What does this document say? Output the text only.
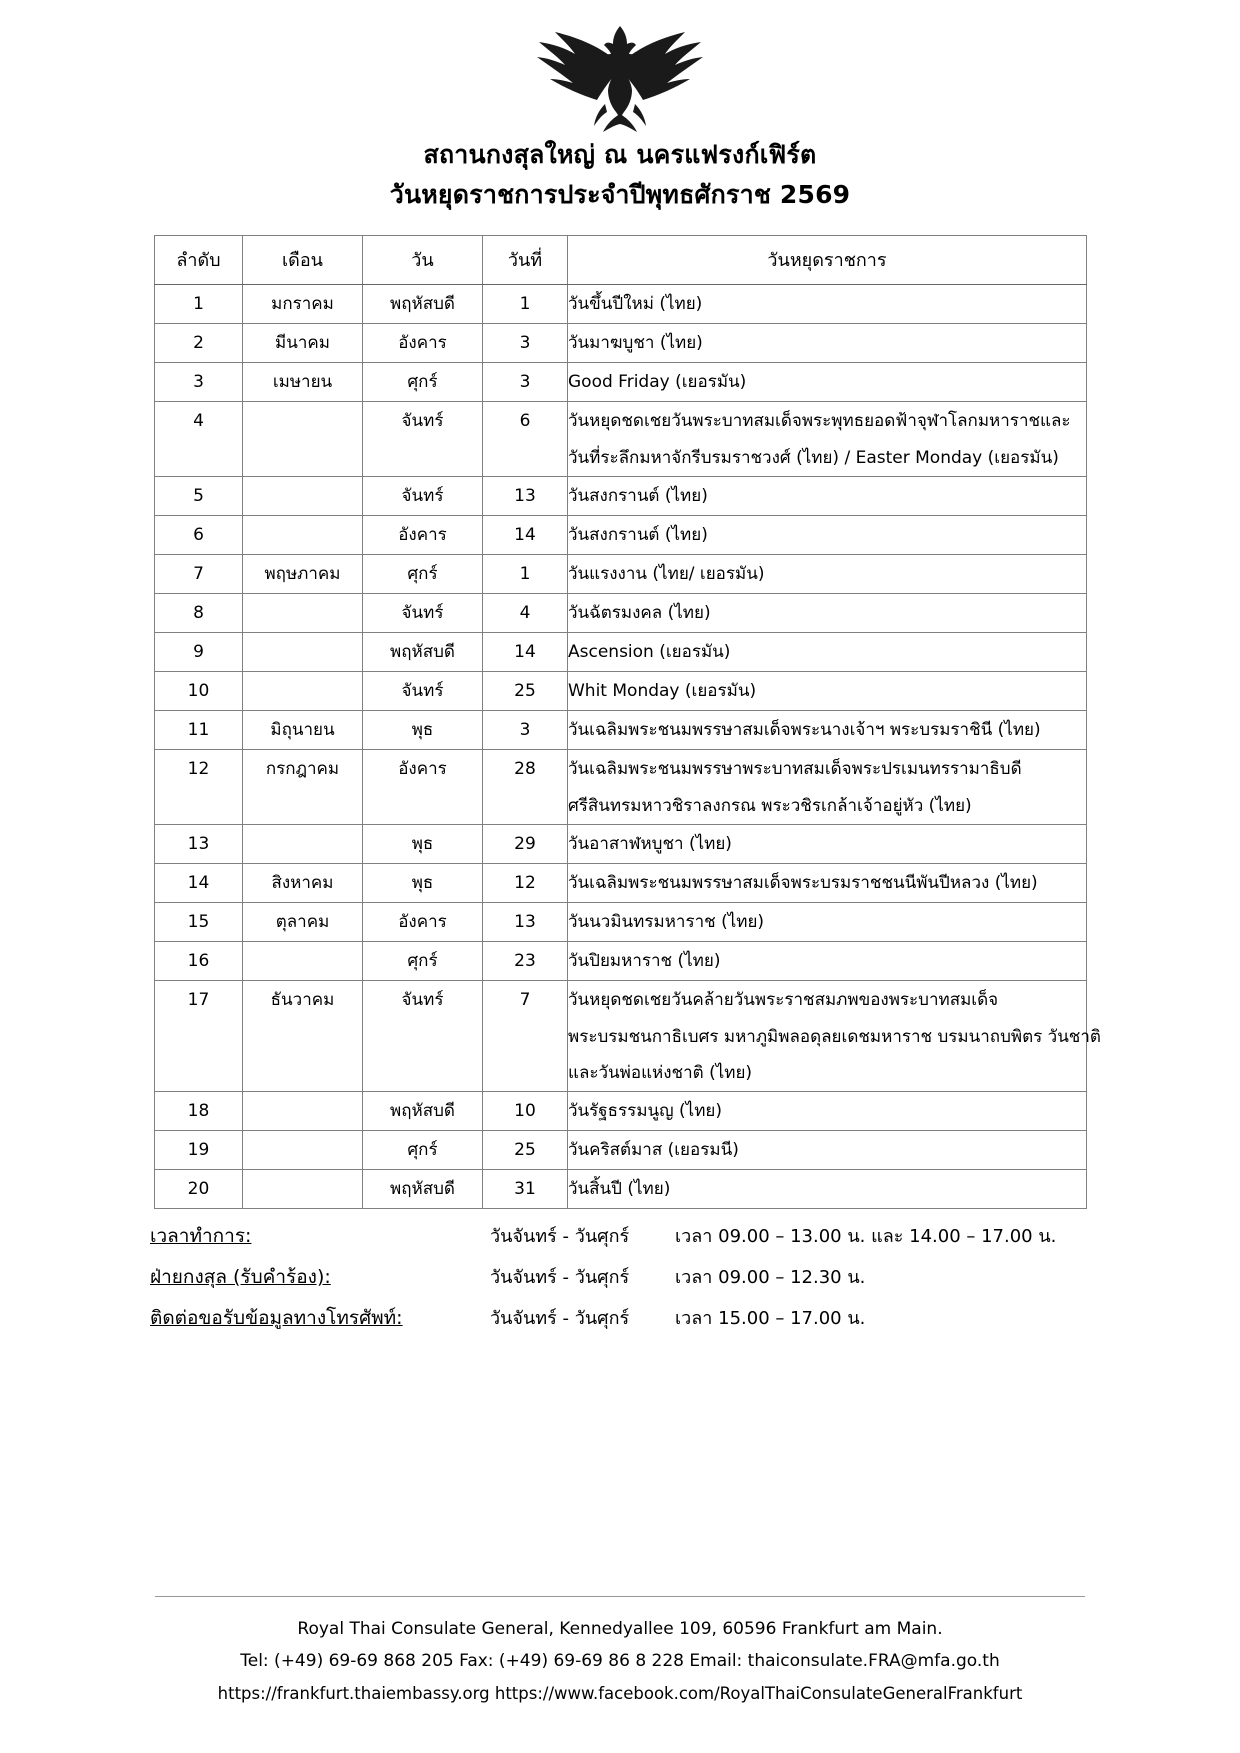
สถานกงสุลใหญ่ ณ นครแฟรงก์เฟิร์ต
วันหยุดราชการประจำปีพุทธศักราช 2569
ลำดับ	เดือน	วัน	วันที่	วันหยุดราชการ

1	มกราคม	พฤหัสบดี	1	วันขึ้นปีใหม่ (ไทย)

2	มีนาคม	อังคาร	3	วันมาฆบูชา (ไทย)

3	เมษายน	ศุกร์	3	Good Friday (เยอรมัน)

4		จันทร์	6	วันหยุดชดเชยวันพระบาทสมเด็จพระพุทธยอดฟ้าจุฬาโลกมหาราชและ
วันที่ระลึกมหาจักรีบรมราชวงศ์ (ไทย) / Easter Monday (เยอรมัน)

5		จันทร์	13	วันสงกรานต์ (ไทย)

6		อังคาร	14	วันสงกรานต์ (ไทย)

7	พฤษภาคม	ศุกร์	1	วันแรงงาน (ไทย/ เยอรมัน)

8		จันทร์	4	วันฉัตรมงคล (ไทย)

9		พฤหัสบดี	14	Ascension (เยอรมัน)

10		จันทร์	25	Whit Monday (เยอรมัน)

11	มิถุนายน	พุธ	3	วันเฉลิมพระชนมพรรษาสมเด็จพระนางเจ้าฯ พระบรมราชินี (ไทย)

12	กรกฎาคม	อังคาร	28	วันเฉลิมพระชนมพรรษาพระบาทสมเด็จพระปรเมนทรรามาธิบดี
ศรีสินทรมหาวชิราลงกรณ พระวชิรเกล้าเจ้าอยู่หัว (ไทย)

13		พุธ	29	วันอาสาฬหบูชา (ไทย)

14	สิงหาคม	พุธ	12	วันเฉลิมพระชนมพรรษาสมเด็จพระบรมราชชนนีพันปีหลวง (ไทย)

15	ตุลาคม	อังคาร	13	วันนวมินทรมหาราช (ไทย)

16		ศุกร์	23	วันปิยมหาราช (ไทย)

17	ธันวาคม	จันทร์	7	วันหยุดชดเชยวันคล้ายวันพระราชสมภพของพระบาทสมเด็จ
พระบรมชนกาธิเบศร มหาภูมิพลอดุลยเดชมหาราช บรมนาถบพิตร วันชาติ
และวันพ่อแห่งชาติ (ไทย)

18		พฤหัสบดี	10	วันรัฐธรรมนูญ (ไทย)

19		ศุกร์	25	วันคริสต์มาส (เยอรมนี)

20		พฤหัสบดี	31	วันสิ้นปี (ไทย)
เวลาทำการ:	วันจันทร์ - วันศุกร์	เวลา 09.00 – 13.00 น. และ 14.00 – 17.00 น.
ฝ่ายกงสุล (รับคำร้อง):	วันจันทร์ - วันศุกร์	เวลา 09.00 – 12.30 น.
ติดต่อขอรับข้อมูลทางโทรศัพท์:	วันจันทร์ - วันศุกร์	เวลา 15.00 – 17.00 น.
Royal Thai Consulate General, Kennedyallee 109, 60596 Frankfurt am Main.
Tel: (+49) 69-69 868 205 Fax: (+49) 69-69 86 8 228 Email: thaiconsulate.FRA@mfa.go.th
https://frankfurt.thaiembassy.org https://www.facebook.com/RoyalThaiConsulateGeneralFrankfurt
